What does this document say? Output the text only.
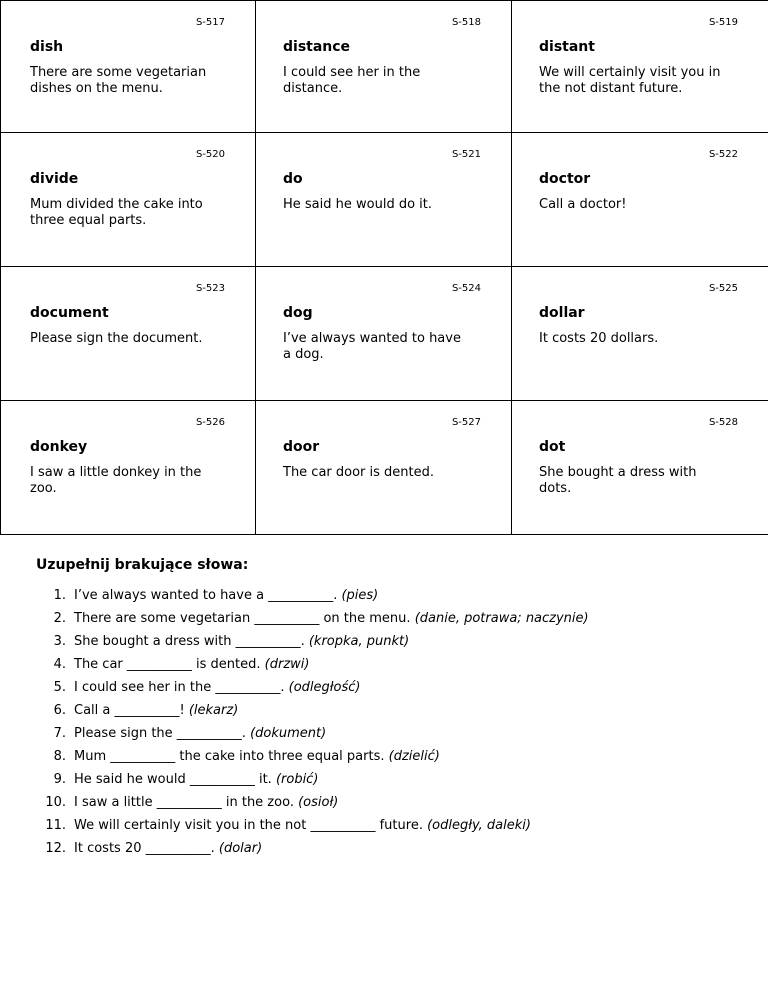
S-517
dish
There are some vegetarian dishes on the menu.
S-518
distance
I could see her in the distance.
S-519
distant
We will certainly visit you in the not distant future.
S-520
divide
Mum divided the cake into three equal parts.
S-521
do
He said he would do it.
S-522
doctor
Call a doctor!
S-523
document
Please sign the document.
S-524
dog
I’ve always wanted to have a dog.
S-525
dollar
It costs 20 dollars.
S-526
donkey
I saw a little donkey in the zoo.
S-527
door
The car door is dented.
S-528
dot
She bought a dress with dots.
Uzupełnij brakujące słowa:
1. I’ve always wanted to have a __________. (pies)
2. There are some vegetarian __________ on the menu. (danie, potrawa; naczynie)
3. She bought a dress with __________. (kropka, punkt)
4. The car __________ is dented. (drzwi)
5. I could see her in the __________. (odległość)
6. Call a __________! (lekarz)
7. Please sign the __________. (dokument)
8. Mum __________ the cake into three equal parts. (dzielić)
9. He said he would __________ it. (robić)
10. I saw a little __________ in the zoo. (osioł)
11. We will certainly visit you in the not __________ future. (odległy, daleki)
12. It costs 20 __________. (dolar)
